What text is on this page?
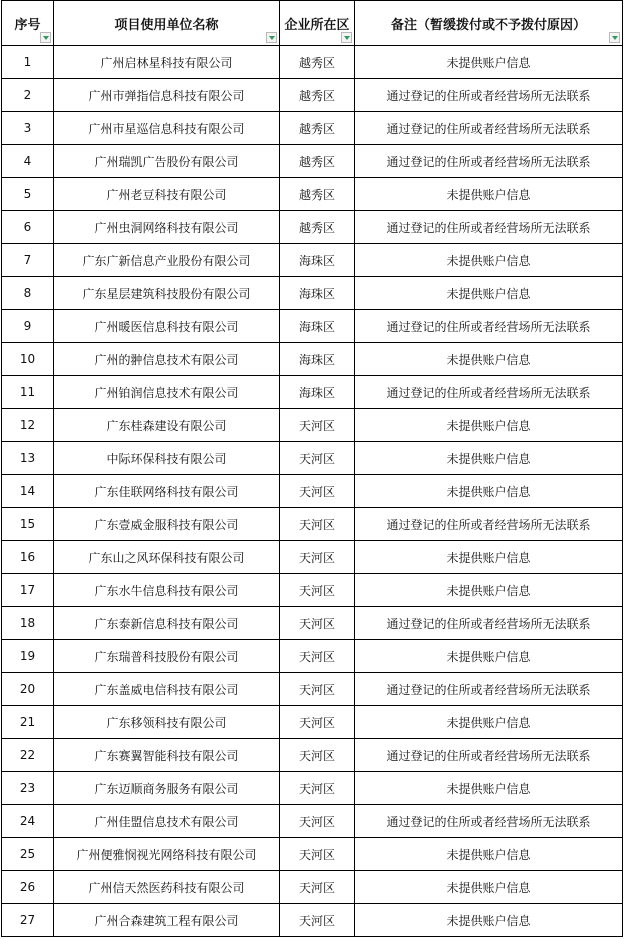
序号	项目使用单位名称	企业所在区	备注（暂缓拨付或不予拨付原因）

1	广州启林星科技有限公司	越秀区	未提供账户信息
2	广州市弹指信息科技有限公司	越秀区	通过登记的住所或者经营场所无法联系
3	广州市星巡信息科技有限公司	越秀区	通过登记的住所或者经营场所无法联系
4	广州瑞凯广告股份有限公司	越秀区	通过登记的住所或者经营场所无法联系
5	广州老豆科技有限公司	越秀区	未提供账户信息
6	广州虫洞网络科技有限公司	越秀区	通过登记的住所或者经营场所无法联系
7	广东广新信息产业股份有限公司	海珠区	未提供账户信息
8	广东星层建筑科技股份有限公司	海珠区	未提供账户信息
9	广州暖医信息科技有限公司	海珠区	通过登记的住所或者经营场所无法联系
10	广州的翀信息技术有限公司	海珠区	未提供账户信息
11	广州铂润信息技术有限公司	海珠区	通过登记的住所或者经营场所无法联系
12	广东桂森建设有限公司	天河区	未提供账户信息
13	中际环保科技有限公司	天河区	未提供账户信息
14	广东佳联网络科技有限公司	天河区	未提供账户信息
15	广东壹威金服科技有限公司	天河区	通过登记的住所或者经营场所无法联系
16	广东山之风环保科技有限公司	天河区	未提供账户信息
17	广东水牛信息科技有限公司	天河区	未提供账户信息
18	广东泰新信息科技有限公司	天河区	通过登记的住所或者经营场所无法联系
19	广东瑞普科技股份有限公司	天河区	未提供账户信息
20	广东盖威电信科技有限公司	天河区	通过登记的住所或者经营场所无法联系
21	广东移领科技有限公司	天河区	未提供账户信息
22	广东赛翼智能科技有限公司	天河区	通过登记的住所或者经营场所无法联系
23	广东迈顺商务服务有限公司	天河区	未提供账户信息
24	广州佳盟信息技术有限公司	天河区	通过登记的住所或者经营场所无法联系
25	广州便雅悯视光网络科技有限公司	天河区	未提供账户信息
26	广州信天然医药科技有限公司	天河区	未提供账户信息
27	广州合森建筑工程有限公司	天河区	未提供账户信息
